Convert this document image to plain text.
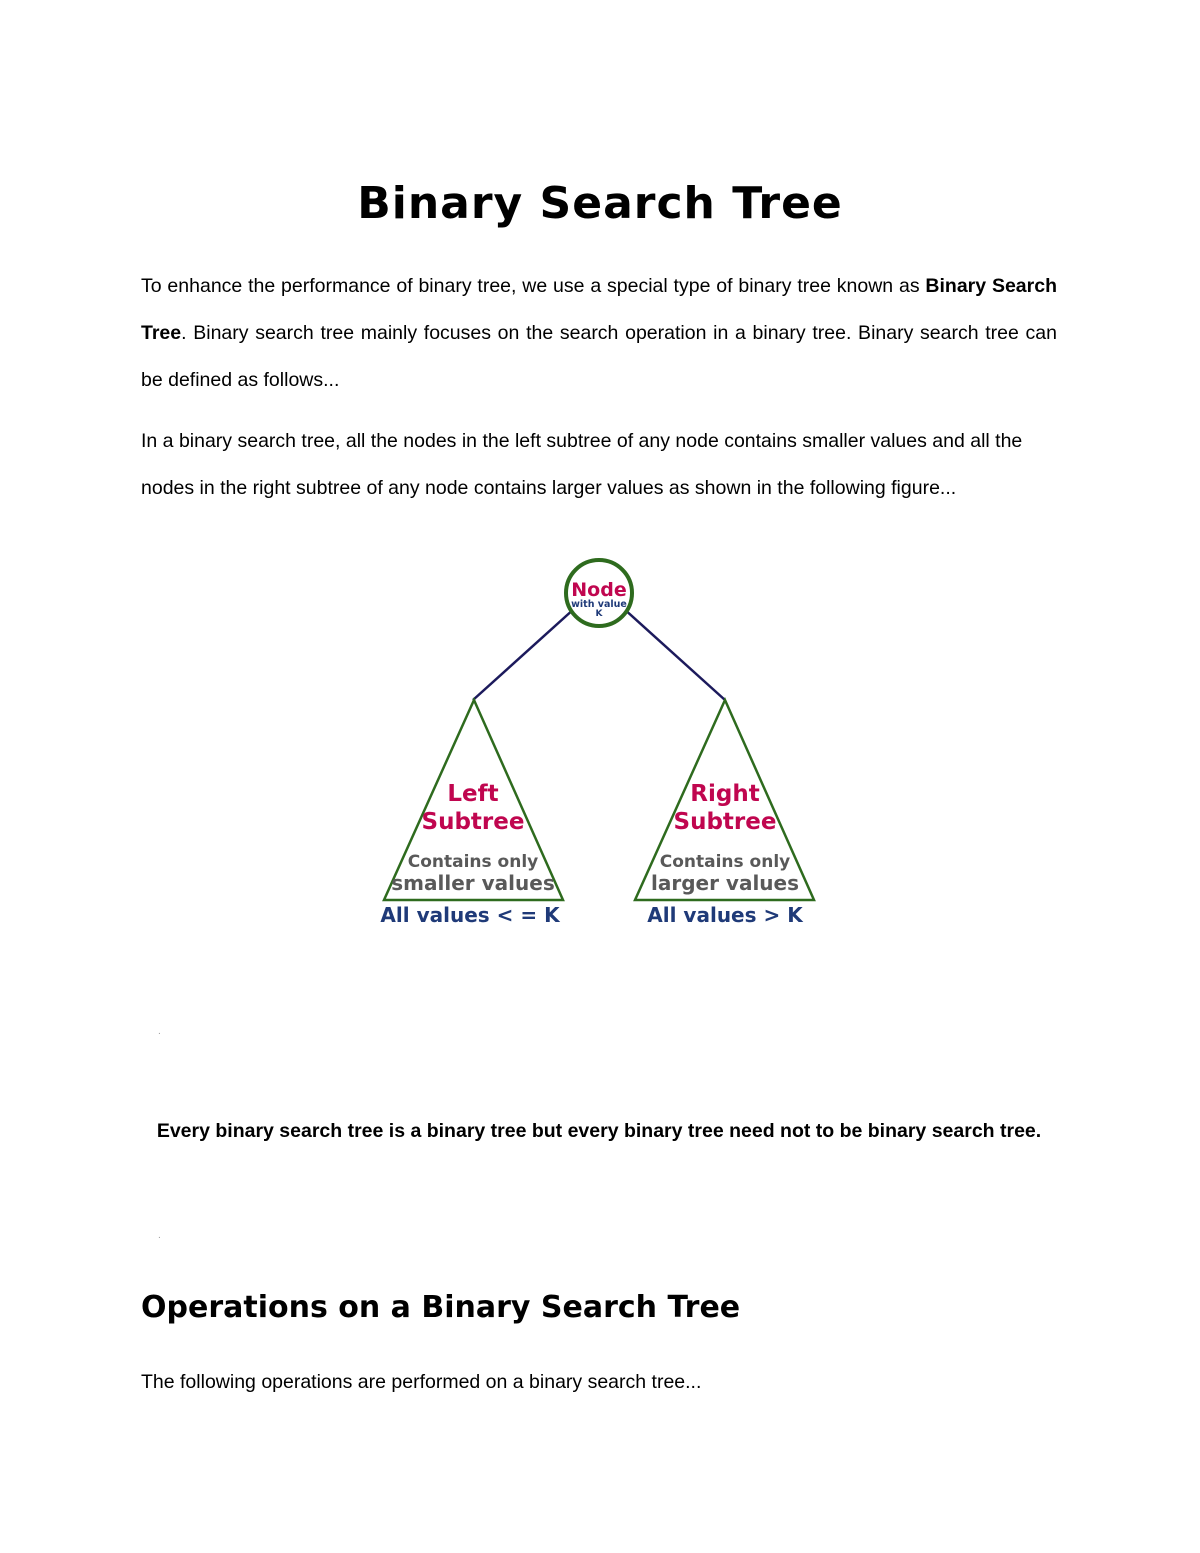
Binary Search Tree

To enhance the performance of binary tree, we use a special type of binary tree known as Binary Search Tree. Binary search tree mainly focuses on the search operation in a binary tree. Binary search tree can be defined as follows...

In a binary search tree, all the nodes in the left subtree of any node contains smaller values and all the nodes in the right subtree of any node contains larger values as shown in the following figure...

Node
with value
K
Left
Subtree
Contains only
smaller values
All values < = K
Right
Subtree
Contains only
larger values
All values > K
.

Every binary search tree is a binary tree but every binary tree need not to be binary search tree.

.
Operations on a Binary Search Tree

The following operations are performed on a binary search tree...
